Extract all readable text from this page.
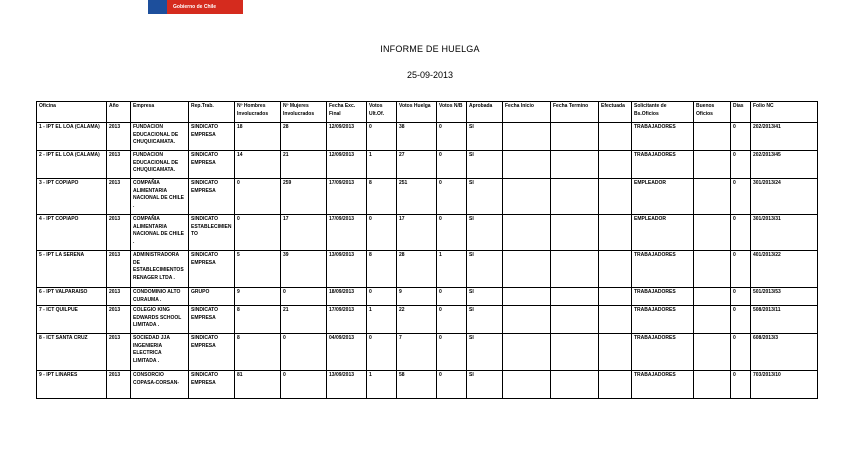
Gobierno de Chile
INFORME DE HUELGA
25-09-2013
Oficina	Año	Empresa	Rep.Trab.	Nº Hombres Involucrados	Nº Mujeres Involucrados	Fecha Exc. Final	Votos Ult.Of.	Votos Huelga	Votos N/B	Aprobada	Fecha Inicio	Fecha Termino	Efectuada	Solicitante de Bs.Oficios	Buenos Oficios	Dias	Folio NC
1 - IPT EL LOA (CALAMA)	2013	FUNDACION EDUCACIONAL DE CHUQUICAMATA.	SINDICATO EMPRESA	18	28	12/09/2013	0	38	0	SI				TRABAJADORES		0	202/2013/41
2 - IPT EL LOA (CALAMA)	2013	FUNDACION EDUCACIONAL DE CHUQUICAMATA.	SINDICATO EMPRESA	14	21	12/09/2013	1	27	0	SI				TRABAJADORES		0	202/2013/45
3 - IPT COPIAPO	2013	COMPAÑIA ALIMENTARIA NACIONAL DE CHILE .	SINDICATO EMPRESA	0	259	17/09/2013	8	251	0	SI				EMPLEADOR		0	301/2013/24
4 - IPT COPIAPO	2013	COMPAÑIA ALIMENTARIA NACIONAL DE CHILE .	SINDICATO ESTABLECIMIENTO	0	17	17/09/2013	0	17	0	SI				EMPLEADOR		0	301/2013/31
5 - IPT LA SERENA	2013	ADMINISTRADORA DE ESTABLECIMIENTOS RENAGER LTDA .	SINDICATO EMPRESA	5	39	13/09/2013	8	28	1	SI				TRABAJADORES		0	401/2013/22
6 - IPT VALPARAISO	2013	CONDOMINIO ALTO CURAUMA .	GRUPO	9	0	18/09/2013	0	9	0	SI				TRABAJADORES		0	501/2013/53
7 - ICT QUILPUE	2013	COLEGIO KING EDWARDS SCHOOL LIMITADA .	SINDICATO EMPRESA	8	21	17/09/2013	1	22	0	SI				TRABAJADORES		0	508/2013/11
8 - ICT SANTA CRUZ	2013	SOCIEDAD JJA INGENIERIA ELECTRICA LIMITADA .	SINDICATO EMPRESA	8	0	04/09/2013	0	7	0	SI				TRABAJADORES		0	608/2013/3
9 - IPT LINARES	2013	CONSORCIO COPASA-CORSAN-	SINDICATO EMPRESA	81	0	13/09/2013	1	58	0	SI				TRABAJADORES		0	703/2013/10
